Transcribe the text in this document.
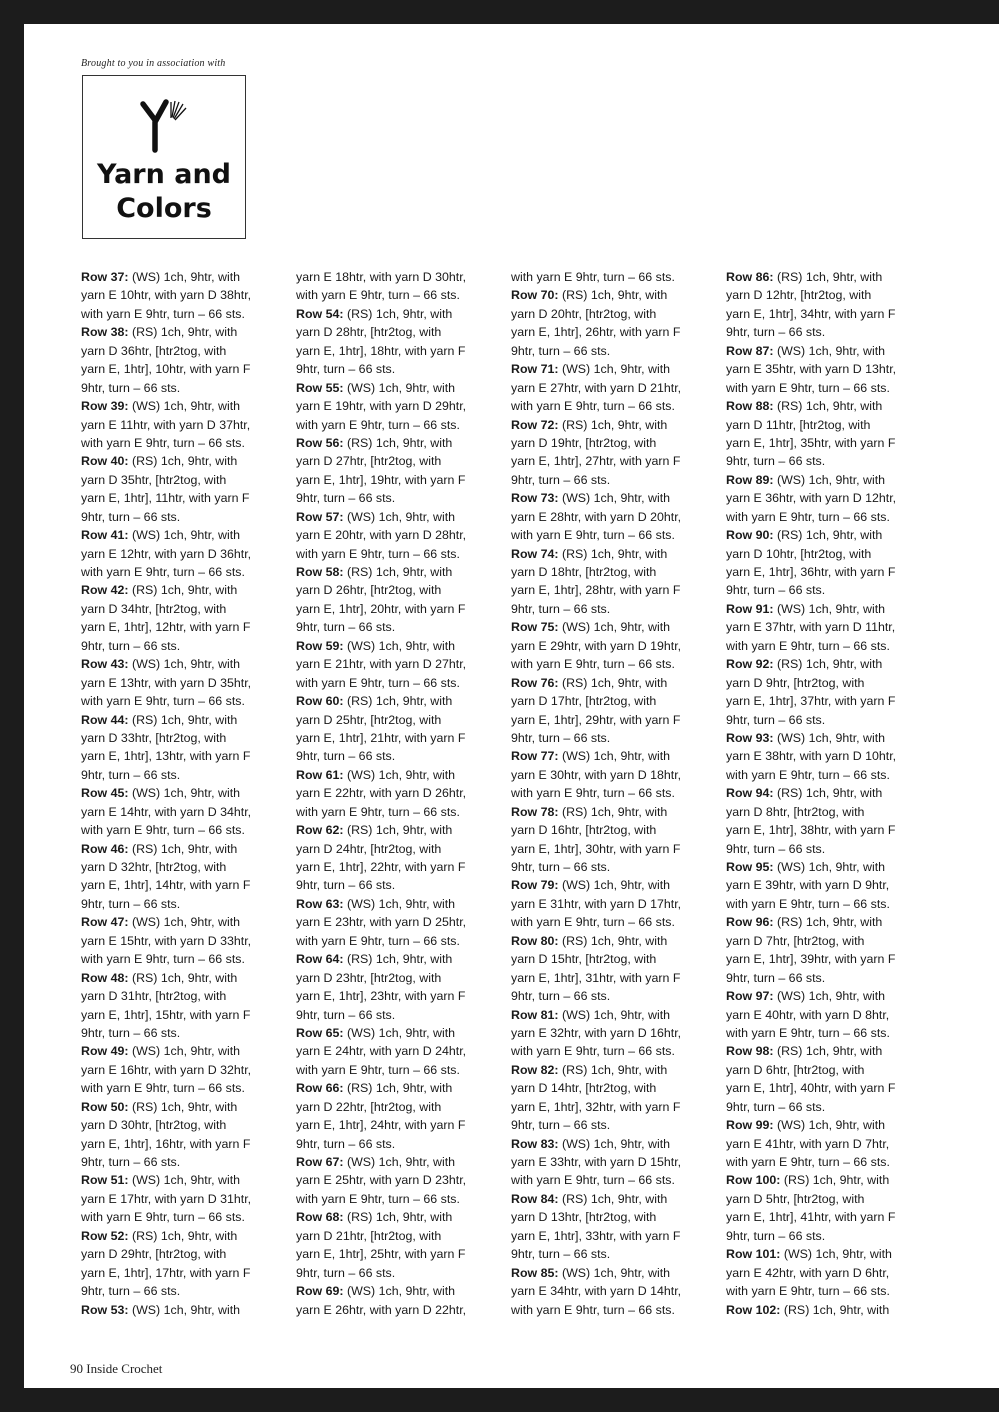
Brought to you in association with
Yarn and
Colors
Row 37: (WS) 1ch, 9htr, with
yarn E 10htr, with yarn D 38htr,
with yarn E 9htr, turn – 66 sts.
Row 38: (RS) 1ch, 9htr, with
yarn D 36htr, [htr2tog, with
yarn E, 1htr], 10htr, with yarn F
9htr, turn – 66 sts.
Row 39: (WS) 1ch, 9htr, with
yarn E 11htr, with yarn D 37htr,
with yarn E 9htr, turn – 66 sts.
Row 40: (RS) 1ch, 9htr, with
yarn D 35htr, [htr2tog, with
yarn E, 1htr], 11htr, with yarn F
9htr, turn – 66 sts.
Row 41: (WS) 1ch, 9htr, with
yarn E 12htr, with yarn D 36htr,
with yarn E 9htr, turn – 66 sts.
Row 42: (RS) 1ch, 9htr, with
yarn D 34htr, [htr2tog, with
yarn E, 1htr], 12htr, with yarn F
9htr, turn – 66 sts.
Row 43: (WS) 1ch, 9htr, with
yarn E 13htr, with yarn D 35htr,
with yarn E 9htr, turn – 66 sts.
Row 44: (RS) 1ch, 9htr, with
yarn D 33htr, [htr2tog, with
yarn E, 1htr], 13htr, with yarn F
9htr, turn – 66 sts.
Row 45: (WS) 1ch, 9htr, with
yarn E 14htr, with yarn D 34htr,
with yarn E 9htr, turn – 66 sts.
Row 46: (RS) 1ch, 9htr, with
yarn D 32htr, [htr2tog, with
yarn E, 1htr], 14htr, with yarn F
9htr, turn – 66 sts.
Row 47: (WS) 1ch, 9htr, with
yarn E 15htr, with yarn D 33htr,
with yarn E 9htr, turn – 66 sts.
Row 48: (RS) 1ch, 9htr, with
yarn D 31htr, [htr2tog, with
yarn E, 1htr], 15htr, with yarn F
9htr, turn – 66 sts.
Row 49: (WS) 1ch, 9htr, with
yarn E 16htr, with yarn D 32htr,
with yarn E 9htr, turn – 66 sts.
Row 50: (RS) 1ch, 9htr, with
yarn D 30htr, [htr2tog, with
yarn E, 1htr], 16htr, with yarn F
9htr, turn – 66 sts.
Row 51: (WS) 1ch, 9htr, with
yarn E 17htr, with yarn D 31htr,
with yarn E 9htr, turn – 66 sts.
Row 52: (RS) 1ch, 9htr, with
yarn D 29htr, [htr2tog, with
yarn E, 1htr], 17htr, with yarn F
9htr, turn – 66 sts.
Row 53: (WS) 1ch, 9htr, with
yarn E 18htr, with yarn D 30htr,
with yarn E 9htr, turn – 66 sts.
Row 54: (RS) 1ch, 9htr, with
yarn D 28htr, [htr2tog, with
yarn E, 1htr], 18htr, with yarn F
9htr, turn – 66 sts.
Row 55: (WS) 1ch, 9htr, with
yarn E 19htr, with yarn D 29htr,
with yarn E 9htr, turn – 66 sts.
Row 56: (RS) 1ch, 9htr, with
yarn D 27htr, [htr2tog, with
yarn E, 1htr], 19htr, with yarn F
9htr, turn – 66 sts.
Row 57: (WS) 1ch, 9htr, with
yarn E 20htr, with yarn D 28htr,
with yarn E 9htr, turn – 66 sts.
Row 58: (RS) 1ch, 9htr, with
yarn D 26htr, [htr2tog, with
yarn E, 1htr], 20htr, with yarn F
9htr, turn – 66 sts.
Row 59: (WS) 1ch, 9htr, with
yarn E 21htr, with yarn D 27htr,
with yarn E 9htr, turn – 66 sts.
Row 60: (RS) 1ch, 9htr, with
yarn D 25htr, [htr2tog, with
yarn E, 1htr], 21htr, with yarn F
9htr, turn – 66 sts.
Row 61: (WS) 1ch, 9htr, with
yarn E 22htr, with yarn D 26htr,
with yarn E 9htr, turn – 66 sts.
Row 62: (RS) 1ch, 9htr, with
yarn D 24htr, [htr2tog, with
yarn E, 1htr], 22htr, with yarn F
9htr, turn – 66 sts.
Row 63: (WS) 1ch, 9htr, with
yarn E 23htr, with yarn D 25htr,
with yarn E 9htr, turn – 66 sts.
Row 64: (RS) 1ch, 9htr, with
yarn D 23htr, [htr2tog, with
yarn E, 1htr], 23htr, with yarn F
9htr, turn – 66 sts.
Row 65: (WS) 1ch, 9htr, with
yarn E 24htr, with yarn D 24htr,
with yarn E 9htr, turn – 66 sts.
Row 66: (RS) 1ch, 9htr, with
yarn D 22htr, [htr2tog, with
yarn E, 1htr], 24htr, with yarn F
9htr, turn – 66 sts.
Row 67: (WS) 1ch, 9htr, with
yarn E 25htr, with yarn D 23htr,
with yarn E 9htr, turn – 66 sts.
Row 68: (RS) 1ch, 9htr, with
yarn D 21htr, [htr2tog, with
yarn E, 1htr], 25htr, with yarn F
9htr, turn – 66 sts.
Row 69: (WS) 1ch, 9htr, with
yarn E 26htr, with yarn D 22htr,
with yarn E 9htr, turn – 66 sts.
Row 70: (RS) 1ch, 9htr, with
yarn D 20htr, [htr2tog, with
yarn E, 1htr], 26htr, with yarn F
9htr, turn – 66 sts.
Row 71: (WS) 1ch, 9htr, with
yarn E 27htr, with yarn D 21htr,
with yarn E 9htr, turn – 66 sts.
Row 72: (RS) 1ch, 9htr, with
yarn D 19htr, [htr2tog, with
yarn E, 1htr], 27htr, with yarn F
9htr, turn – 66 sts.
Row 73: (WS) 1ch, 9htr, with
yarn E 28htr, with yarn D 20htr,
with yarn E 9htr, turn – 66 sts.
Row 74: (RS) 1ch, 9htr, with
yarn D 18htr, [htr2tog, with
yarn E, 1htr], 28htr, with yarn F
9htr, turn – 66 sts.
Row 75: (WS) 1ch, 9htr, with
yarn E 29htr, with yarn D 19htr,
with yarn E 9htr, turn – 66 sts.
Row 76: (RS) 1ch, 9htr, with
yarn D 17htr, [htr2tog, with
yarn E, 1htr], 29htr, with yarn F
9htr, turn – 66 sts.
Row 77: (WS) 1ch, 9htr, with
yarn E 30htr, with yarn D 18htr,
with yarn E 9htr, turn – 66 sts.
Row 78: (RS) 1ch, 9htr, with
yarn D 16htr, [htr2tog, with
yarn E, 1htr], 30htr, with yarn F
9htr, turn – 66 sts.
Row 79: (WS) 1ch, 9htr, with
yarn E 31htr, with yarn D 17htr,
with yarn E 9htr, turn – 66 sts.
Row 80: (RS) 1ch, 9htr, with
yarn D 15htr, [htr2tog, with
yarn E, 1htr], 31htr, with yarn F
9htr, turn – 66 sts.
Row 81: (WS) 1ch, 9htr, with
yarn E 32htr, with yarn D 16htr,
with yarn E 9htr, turn – 66 sts.
Row 82: (RS) 1ch, 9htr, with
yarn D 14htr, [htr2tog, with
yarn E, 1htr], 32htr, with yarn F
9htr, turn – 66 sts.
Row 83: (WS) 1ch, 9htr, with
yarn E 33htr, with yarn D 15htr,
with yarn E 9htr, turn – 66 sts.
Row 84: (RS) 1ch, 9htr, with
yarn D 13htr, [htr2tog, with
yarn E, 1htr], 33htr, with yarn F
9htr, turn – 66 sts.
Row 85: (WS) 1ch, 9htr, with
yarn E 34htr, with yarn D 14htr,
with yarn E 9htr, turn – 66 sts.
Row 86: (RS) 1ch, 9htr, with
yarn D 12htr, [htr2tog, with
yarn E, 1htr], 34htr, with yarn F
9htr, turn – 66 sts.
Row 87: (WS) 1ch, 9htr, with
yarn E 35htr, with yarn D 13htr,
with yarn E 9htr, turn – 66 sts.
Row 88: (RS) 1ch, 9htr, with
yarn D 11htr, [htr2tog, with
yarn E, 1htr], 35htr, with yarn F
9htr, turn – 66 sts.
Row 89: (WS) 1ch, 9htr, with
yarn E 36htr, with yarn D 12htr,
with yarn E 9htr, turn – 66 sts.
Row 90: (RS) 1ch, 9htr, with
yarn D 10htr, [htr2tog, with
yarn E, 1htr], 36htr, with yarn F
9htr, turn – 66 sts.
Row 91: (WS) 1ch, 9htr, with
yarn E 37htr, with yarn D 11htr,
with yarn E 9htr, turn – 66 sts.
Row 92: (RS) 1ch, 9htr, with
yarn D 9htr, [htr2tog, with
yarn E, 1htr], 37htr, with yarn F
9htr, turn – 66 sts.
Row 93: (WS) 1ch, 9htr, with
yarn E 38htr, with yarn D 10htr,
with yarn E 9htr, turn – 66 sts.
Row 94: (RS) 1ch, 9htr, with
yarn D 8htr, [htr2tog, with
yarn E, 1htr], 38htr, with yarn F
9htr, turn – 66 sts.
Row 95: (WS) 1ch, 9htr, with
yarn E 39htr, with yarn D 9htr,
with yarn E 9htr, turn – 66 sts.
Row 96: (RS) 1ch, 9htr, with
yarn D 7htr, [htr2tog, with
yarn E, 1htr], 39htr, with yarn F
9htr, turn – 66 sts.
Row 97: (WS) 1ch, 9htr, with
yarn E 40htr, with yarn D 8htr,
with yarn E 9htr, turn – 66 sts.
Row 98: (RS) 1ch, 9htr, with
yarn D 6htr, [htr2tog, with
yarn E, 1htr], 40htr, with yarn F
9htr, turn – 66 sts.
Row 99: (WS) 1ch, 9htr, with
yarn E 41htr, with yarn D 7htr,
with yarn E 9htr, turn – 66 sts.
Row 100: (RS) 1ch, 9htr, with
yarn D 5htr, [htr2tog, with
yarn E, 1htr], 41htr, with yarn F
9htr, turn – 66 sts.
Row 101: (WS) 1ch, 9htr, with
yarn E 42htr, with yarn D 6htr,
with yarn E 9htr, turn – 66 sts.
Row 102: (RS) 1ch, 9htr, with
90 Inside Crochet
